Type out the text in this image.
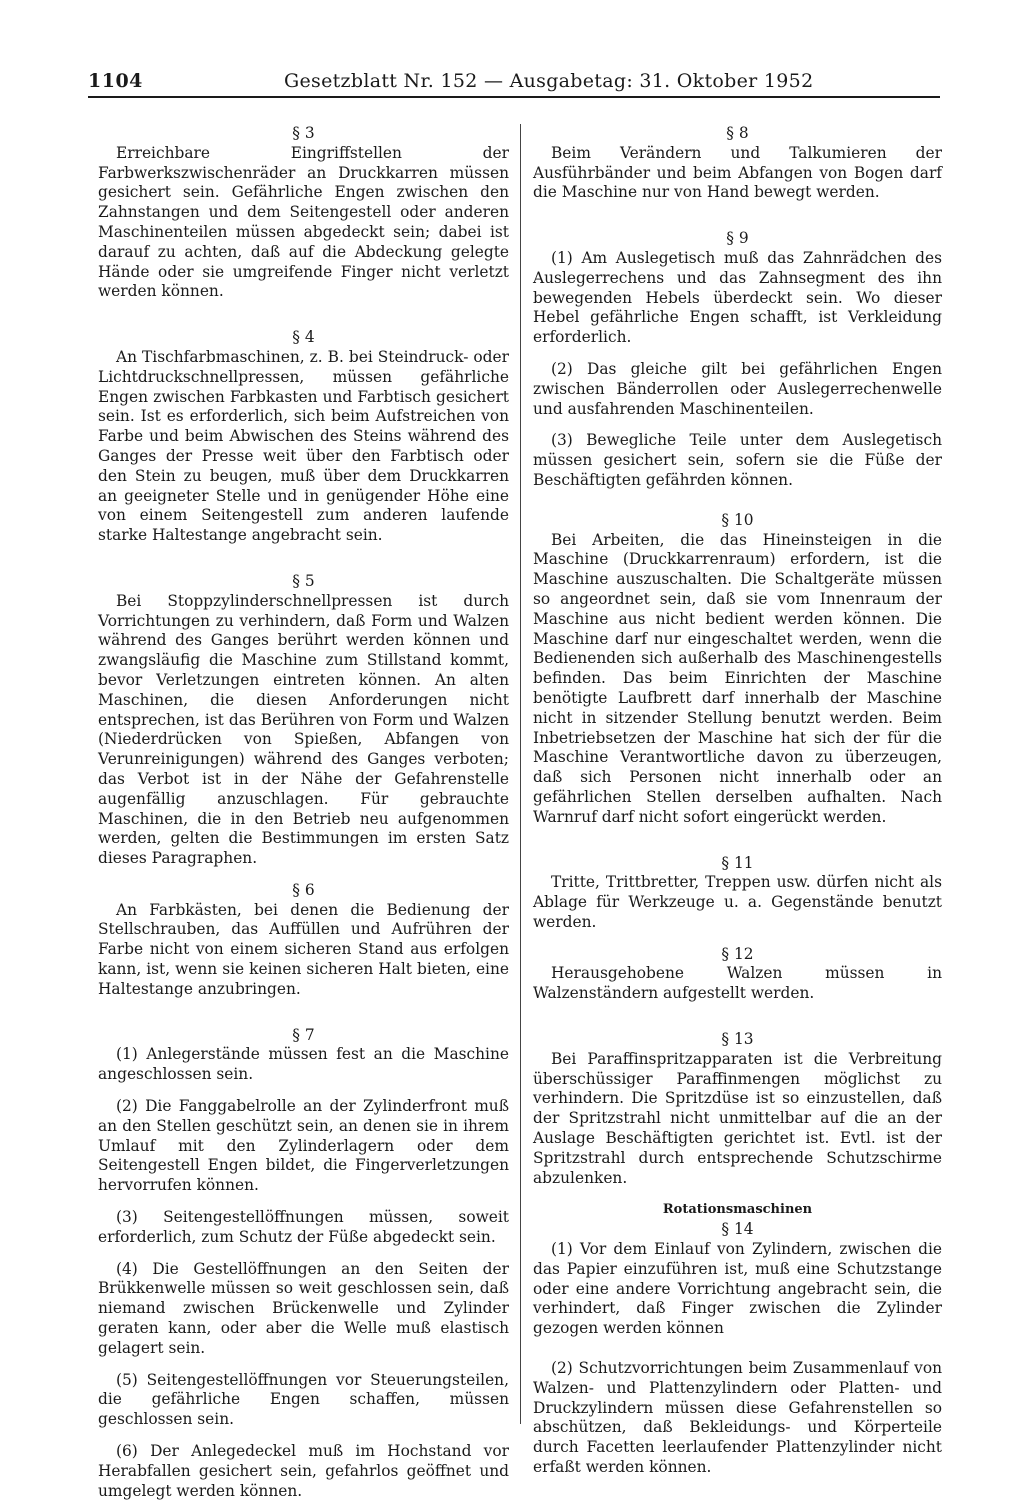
1104	Gesetzblatt Nr. 152 — Ausgabetag: 31. Oktober 1952
§ 3

Erreichbare Eingriffstellen der Farbwerkszwischenräder an Druckkarren müssen gesichert sein. Gefährliche Engen zwischen den Zahnstangen und dem Seitengestell oder anderen Maschinenteilen müssen abgedeckt sein; dabei ist darauf zu achten, daß auf die Abdeckung gelegte Hände oder sie umgreifende Finger nicht verletzt werden können.

§ 4

An Tischfarbmaschinen, z. B. bei Steindruck- oder Lichtdruckschnellpressen, müssen gefährliche Engen zwischen Farbkasten und Farbtisch gesichert sein. Ist es erforderlich, sich beim Aufstreichen von Farbe und beim Abwischen des Steins während des Ganges der Presse weit über den Farbtisch oder den Stein zu beugen, muß über dem Druckkarren an geeigneter Stelle und in genügender Höhe eine von einem Seitengestell zum anderen laufende starke Haltestange angebracht sein.

§ 5

Bei Stoppzylinderschnellpressen ist durch Vorrichtungen zu verhindern, daß Form und Walzen während des Ganges berührt werden können und zwangsläufig die Maschine zum Stillstand kommt, bevor Verletzungen eintreten können. An alten Maschinen, die diesen Anforderungen nicht entsprechen, ist das Berühren von Form und Walzen (Niederdrücken von Spießen, Abfangen von Verunreinigungen) während des Ganges verboten; das Verbot ist in der Nähe der Gefahrenstelle augenfällig anzuschlagen. Für gebrauchte Maschinen, die in den Betrieb neu aufgenommen werden, gelten die Bestimmungen im ersten Satz dieses Paragraphen.

§ 6

An Farbkästen, bei denen die Bedienung der Stellschrauben, das Auffüllen und Aufrühren der Farbe nicht von einem sicheren Stand aus erfolgen kann, ist, wenn sie keinen sicheren Halt bieten, eine Haltestange anzubringen.

§ 7

(1) Anlegerstände müssen fest an die Maschine angeschlossen sein.

(2) Die Fanggabelrolle an der Zylinderfront muß an den Stellen geschützt sein, an denen sie in ihrem Umlauf mit den Zylinderlagern oder dem Seitengestell Engen bildet, die Fingerverletzungen hervorrufen können.

(3) Seitengestellöffnungen müssen, soweit erforderlich, zum Schutz der Füße abgedeckt sein.

(4) Die Gestellöffnungen an den Seiten der Brükkenwelle müssen so weit geschlossen sein, daß niemand zwischen Brückenwelle und Zylinder geraten kann, oder aber die Welle muß elastisch gelagert sein.

(5) Seitengestellöffnungen vor Steuerungsteilen, die gefährliche Engen schaffen, müssen geschlossen sein.

(6) Der Anlegedeckel muß im Hochstand vor Herabfallen gesichert sein, gefahrlos geöffnet und umgelegt werden können.

§ 8

Beim Verändern und Talkumieren der Ausführbänder und beim Abfangen von Bogen darf die Maschine nur von Hand bewegt werden.

§ 9

(1) Am Auslegetisch muß das Zahnrädchen des Auslegerrechens und das Zahnsegment des ihn bewegenden Hebels überdeckt sein. Wo dieser Hebel gefährliche Engen schafft, ist Verkleidung erforderlich.

(2) Das gleiche gilt bei gefährlichen Engen zwischen Bänderrollen oder Auslegerrechenwelle und ausfahrenden Maschinenteilen.

(3) Bewegliche Teile unter dem Auslegetisch müssen gesichert sein, sofern sie die Füße der Beschäftigten gefährden können.

§ 10

Bei Arbeiten, die das Hineinsteigen in die Maschine (Druckkarrenraum) erfordern, ist die Maschine auszuschalten. Die Schaltgeräte müssen so angeordnet sein, daß sie vom Innenraum der Maschine aus nicht bedient werden können. Die Maschine darf nur eingeschaltet werden, wenn die Bedienenden sich außerhalb des Maschinengestells befinden. Das beim Einrichten der Maschine benötigte Laufbrett darf innerhalb der Maschine nicht in sitzender Stellung benutzt werden. Beim Inbetriebsetzen der Maschine hat sich der für die Maschine Verantwortliche davon zu überzeugen, daß sich Personen nicht innerhalb oder an gefährlichen Stellen derselben aufhalten. Nach Warnruf darf nicht sofort eingerückt werden.

§ 11

Tritte, Trittbretter, Treppen usw. dürfen nicht als Ablage für Werkzeuge u. a. Gegenstände benutzt werden.

§ 12

Herausgehobene Walzen müssen in Walzenständern aufgestellt werden.

§ 13

Bei Paraffinspritzapparaten ist die Verbreitung überschüssiger Paraffinmengen möglichst zu verhindern. Die Spritzdüse ist so einzustellen, daß der Spritzstrahl nicht unmittelbar auf die an der Auslage Beschäftigten gerichtet ist. Evtl. ist der Spritzstrahl durch entsprechende Schutzschirme abzulenken.

Rotationsmaschinen
§ 14

(1) Vor dem Einlauf von Zylindern, zwischen die das Papier einzuführen ist, muß eine Schutzstange oder eine andere Vorrichtung angebracht sein, die verhindert, daß Finger zwischen die Zylinder gezogen werden können

(2) Schutzvorrichtungen beim Zusammenlauf von Walzen- und Plattenzylindern oder Platten- und Druckzylindern müssen diese Gefahrenstellen so abschützen, daß Bekleidungs- und Körperteile durch Facetten leerlaufender Plattenzylinder nicht erfaßt werden können.
